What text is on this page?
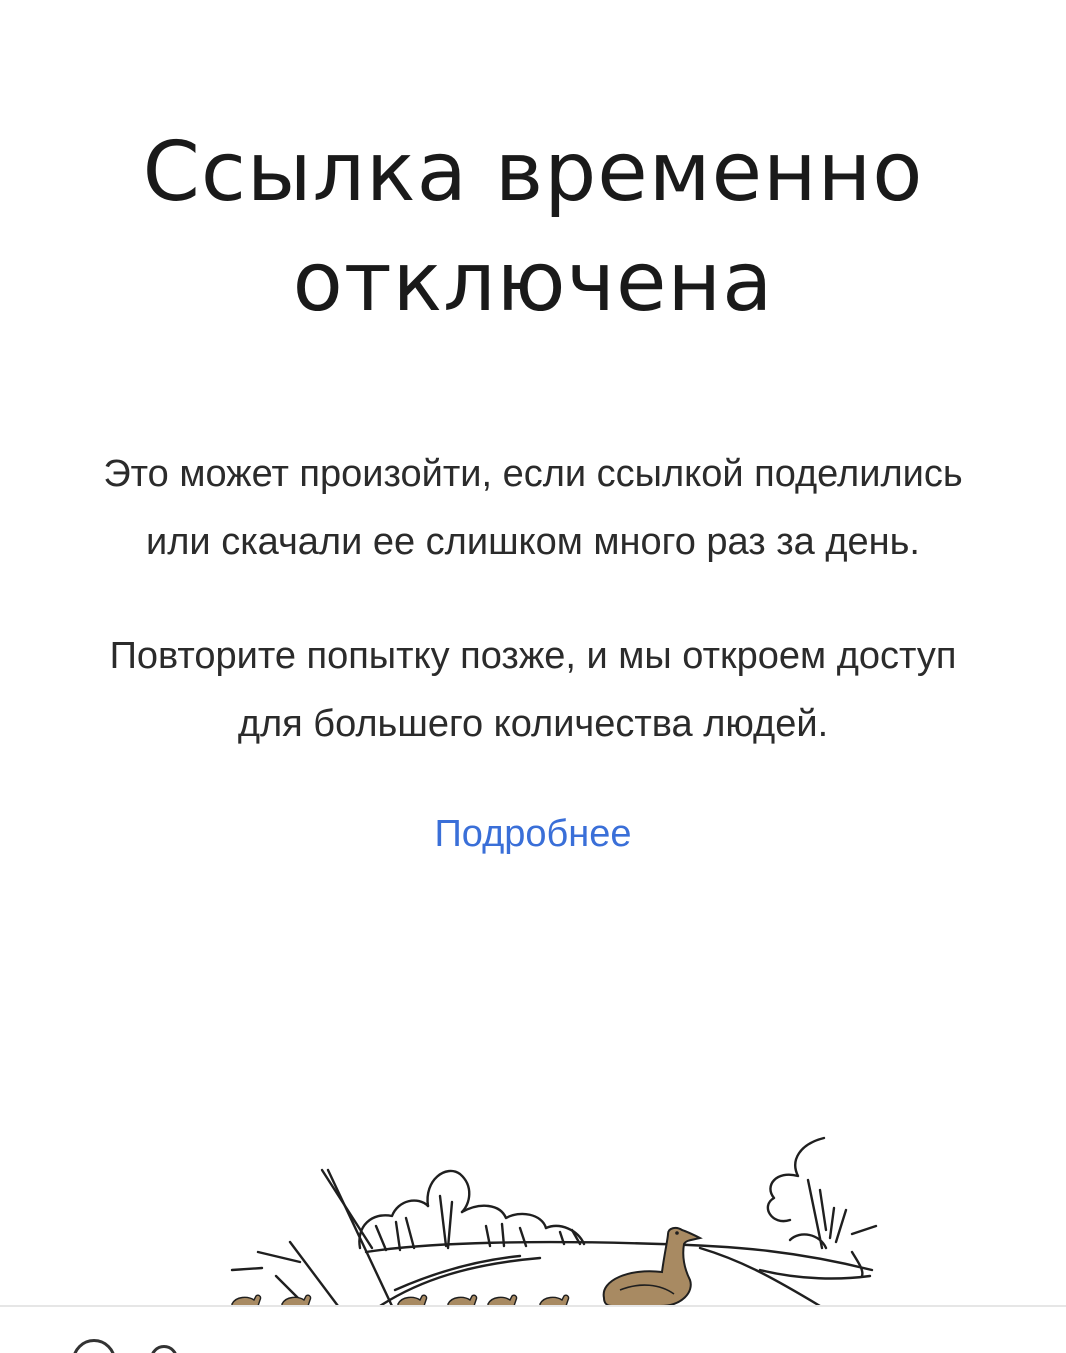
Ссылка временно
отключена

Это может произойти, если ссылкой поделились
или скачали ее слишком много раз за день.

Повторите попытку позже, и мы откроем доступ
для большего количества людей.

Подробнее
